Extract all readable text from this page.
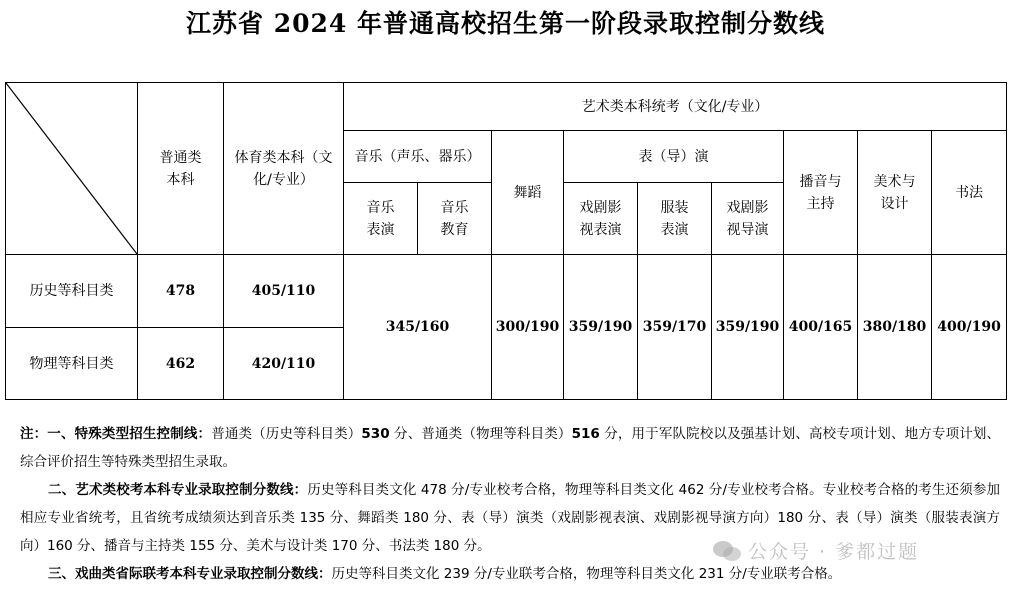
江苏省 2024 年普通高校招生第一阶段录取控制分数线

普通类本科	体育类本科（文化/专业）	艺术类本科统考（文化/专业）								
			音乐（声乐、器乐）		舞蹈	表（导）演			播音与主持	美术与设计	书法

			音乐表演	音乐教育		戏剧影视表演	服装表演	戏剧影视导演			

历史等科目类	478	405/110	345/160		300/190	359/190	359/170	359/190	400/165	380/180	400/190
物理等科目类	462	420/110									

注：一、特殊类型招生控制线：普通类（历史等科目类）530 分、普通类（物理等科目类）516 分，用于军队院校以及强基计划、高校专项计划、地方专项计划、综合评价招生等特殊类型招生录取。

二、艺术类校考本科专业录取控制分数线：历史等科目类文化 478 分/专业校考合格，物理等科目类文化 462 分/专业校考合格。专业校考合格的考生还须参加相应专业省统考，且省统考成绩须达到音乐类 135 分、舞蹈类 180 分、表（导）演类（戏剧影视表演、戏剧影视导演方向）180 分、表（导）演类（服装表演方向）160 分、播音与主持类 155 分、美术与设计类 170 分、书法类 180 分。

三、戏曲类省际联考本科专业录取控制分数线：历史等科目类文化 239 分/专业联考合格，物理等科目类文化 231 分/专业联考合格。

公众号 · 爹都过题
